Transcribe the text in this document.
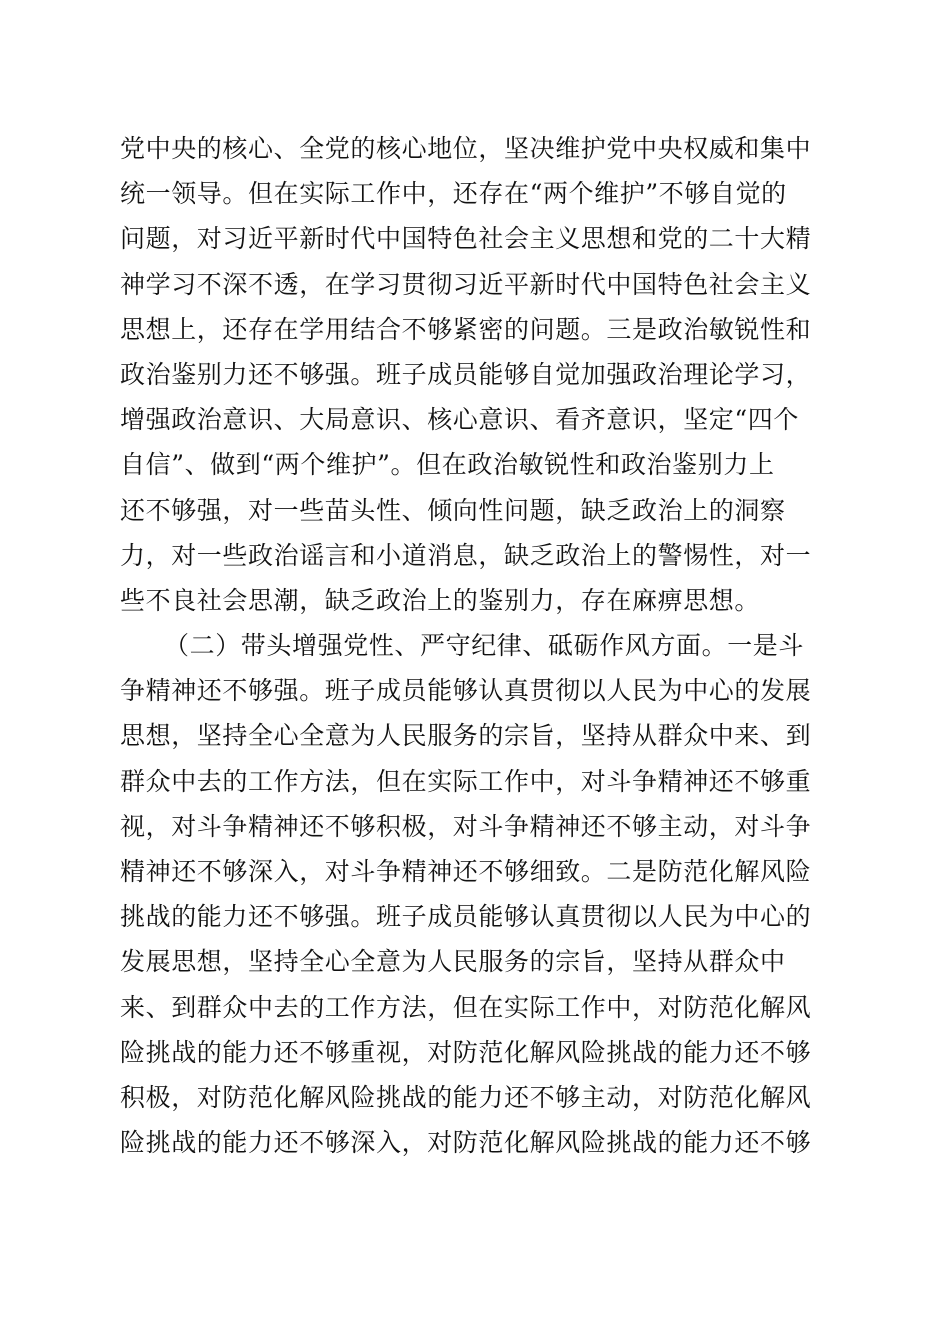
党中央的核心、全党的核心地位，坚决维护党中央权威和集中
统一领导。但在实际工作中，还存在“两个维护”不够自觉的
问题，对习近平新时代中国特色社会主义思想和党的二十大精
神学习不深不透，在学习贯彻习近平新时代中国特色社会主义
思想上，还存在学用结合不够紧密的问题。三是政治敏锐性和
政治鉴别力还不够强。班子成员能够自觉加强政治理论学习，
增强政治意识、大局意识、核心意识、看齐意识，坚定“四个
自信”、做到“两个维护”。但在政治敏锐性和政治鉴别力上
还不够强，对一些苗头性、倾向性问题，缺乏政治上的洞察
力，对一些政治谣言和小道消息，缺乏政治上的警惕性，对一
些不良社会思潮，缺乏政治上的鉴别力，存在麻痹思想。
（二）带头增强党性、严守纪律、砥砺作风方面。一是斗
争精神还不够强。班子成员能够认真贯彻以人民为中心的发展
思想，坚持全心全意为人民服务的宗旨，坚持从群众中来、到
群众中去的工作方法，但在实际工作中，对斗争精神还不够重
视，对斗争精神还不够积极，对斗争精神还不够主动，对斗争
精神还不够深入，对斗争精神还不够细致。二是防范化解风险
挑战的能力还不够强。班子成员能够认真贯彻以人民为中心的
发展思想，坚持全心全意为人民服务的宗旨，坚持从群众中
来、到群众中去的工作方法，但在实际工作中，对防范化解风
险挑战的能力还不够重视，对防范化解风险挑战的能力还不够
积极，对防范化解风险挑战的能力还不够主动，对防范化解风
险挑战的能力还不够深入，对防范化解风险挑战的能力还不够
